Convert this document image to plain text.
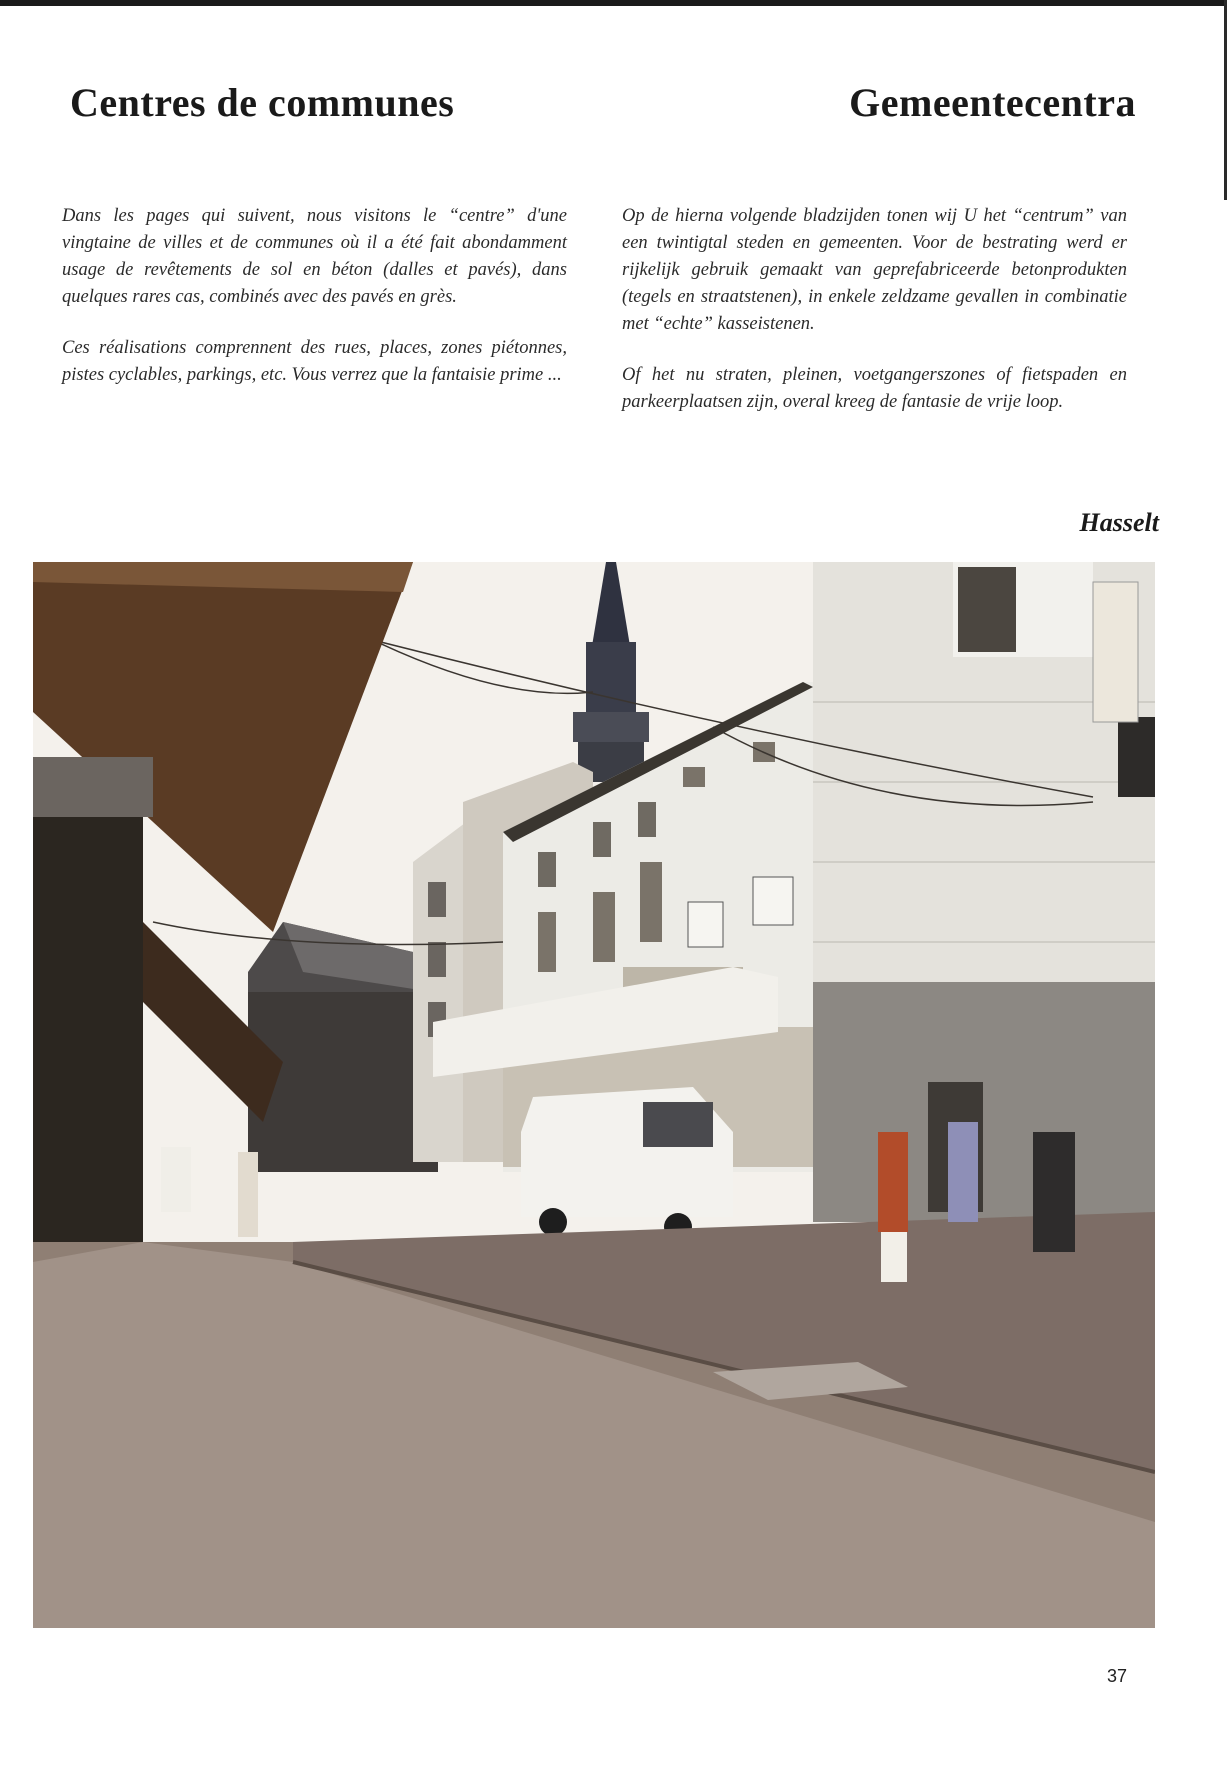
Centres de communes	Gemeentecentra

Dans les pages qui suivent, nous visitons le “centre” d'une vingtaine de villes et de communes où il a été fait abondamment usage de revêtements de sol en béton (dalles et pavés), dans quelques rares cas, combinés avec des pavés en grès.

Ces réalisations comprennent des rues, places, zones piétonnes, pistes cyclables, parkings, etc. Vous verrez que la fantaisie prime ...

Op de hierna volgende bladzijden tonen wij U het “centrum” van een twintigtal steden en gemeenten. Voor de bestrating werd er rijkelijk gebruik gemaakt van geprefabriceerde betonprodukten (tegels en straatstenen), in enkele zeldzame gevallen in combinatie met “echte” kasseistenen.

Of het nu straten, pleinen, voetgangerszones of fietspaden en parkeerplaatsen zijn, overal kreeg de fantasie de vrije loop.

Hasselt
37
